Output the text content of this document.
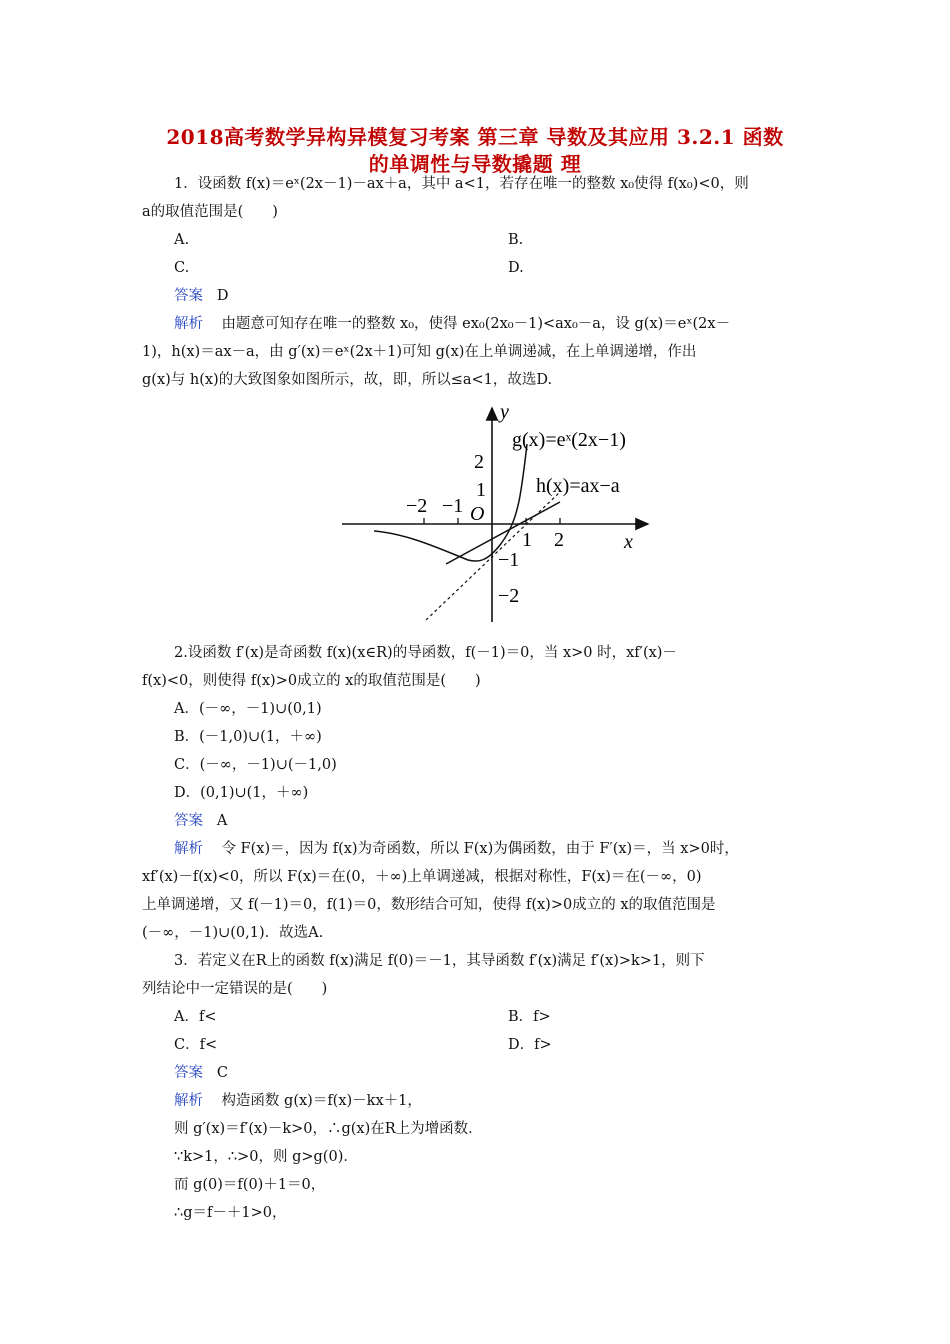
2018高考数学异构异模复习考案 第三章 导数及其应用 3.2.1 函数
的单调性与导数撬题 理
1．设函数 f(x)＝eˣ(2x－1)－ax＋a，其中 a<1，若存在唯一的整数 x₀使得 f(x₀)<0，则
a的取值范围是(　　)
A.	B.
C.	D.
答案 D
解析 由题意可知存在唯一的整数 x₀，使得 ex₀(2x₀－1)<ax₀－a，设 g(x)＝eˣ(2x－
1)，h(x)＝ax－a，由 g′(x)＝eˣ(2x＋1)可知 g(x)在上单调递减，在上单调递增，作出
g(x)与 h(x)的大致图象如图所示，故，即，所以≤a<1，故选D.
y
x
g(x)=eˣ(2x−1)
h(x)=ax−a
O
−2 −1
1 2
2
1
−1
−2
2.设函数 f′(x)是奇函数 f(x)(x∈R)的导函数，f(－1)＝0，当 x>0 时，xf′(x)－
f(x)<0，则使得 f(x)>0成立的 x的取值范围是(　　)
A．(－∞，－1)∪(0,1)
B．(－1,0)∪(1，＋∞)
C．(－∞，－1)∪(－1,0)
D．(0,1)∪(1，＋∞)
答案 A
解析 令 F(x)＝，因为 f(x)为奇函数，所以 F(x)为偶函数，由于 F′(x)＝，当 x>0时，
xf′(x)－f(x)<0，所以 F(x)＝在(0，＋∞)上单调递减，根据对称性，F(x)＝在(－∞，0)
上单调递增，又 f(－1)＝0，f(1)＝0，数形结合可知，使得 f(x)>0成立的 x的取值范围是
(－∞，－1)∪(0,1)．故选A.
3．若定义在R上的函数 f(x)满足 f(0)＝－1，其导函数 f′(x)满足 f′(x)>k>1，则下
列结论中一定错误的是(　　)
A．f<	B．f>
C．f<	D．f>
答案 C
解析 构造函数 g(x)＝f(x)－kx＋1，
则 g′(x)＝f′(x)－k>0，∴g(x)在R上为增函数．
∵k>1，∴>0，则 g>g(0)．
而 g(0)＝f(0)＋1＝0，
∴g＝f－＋1>0，
